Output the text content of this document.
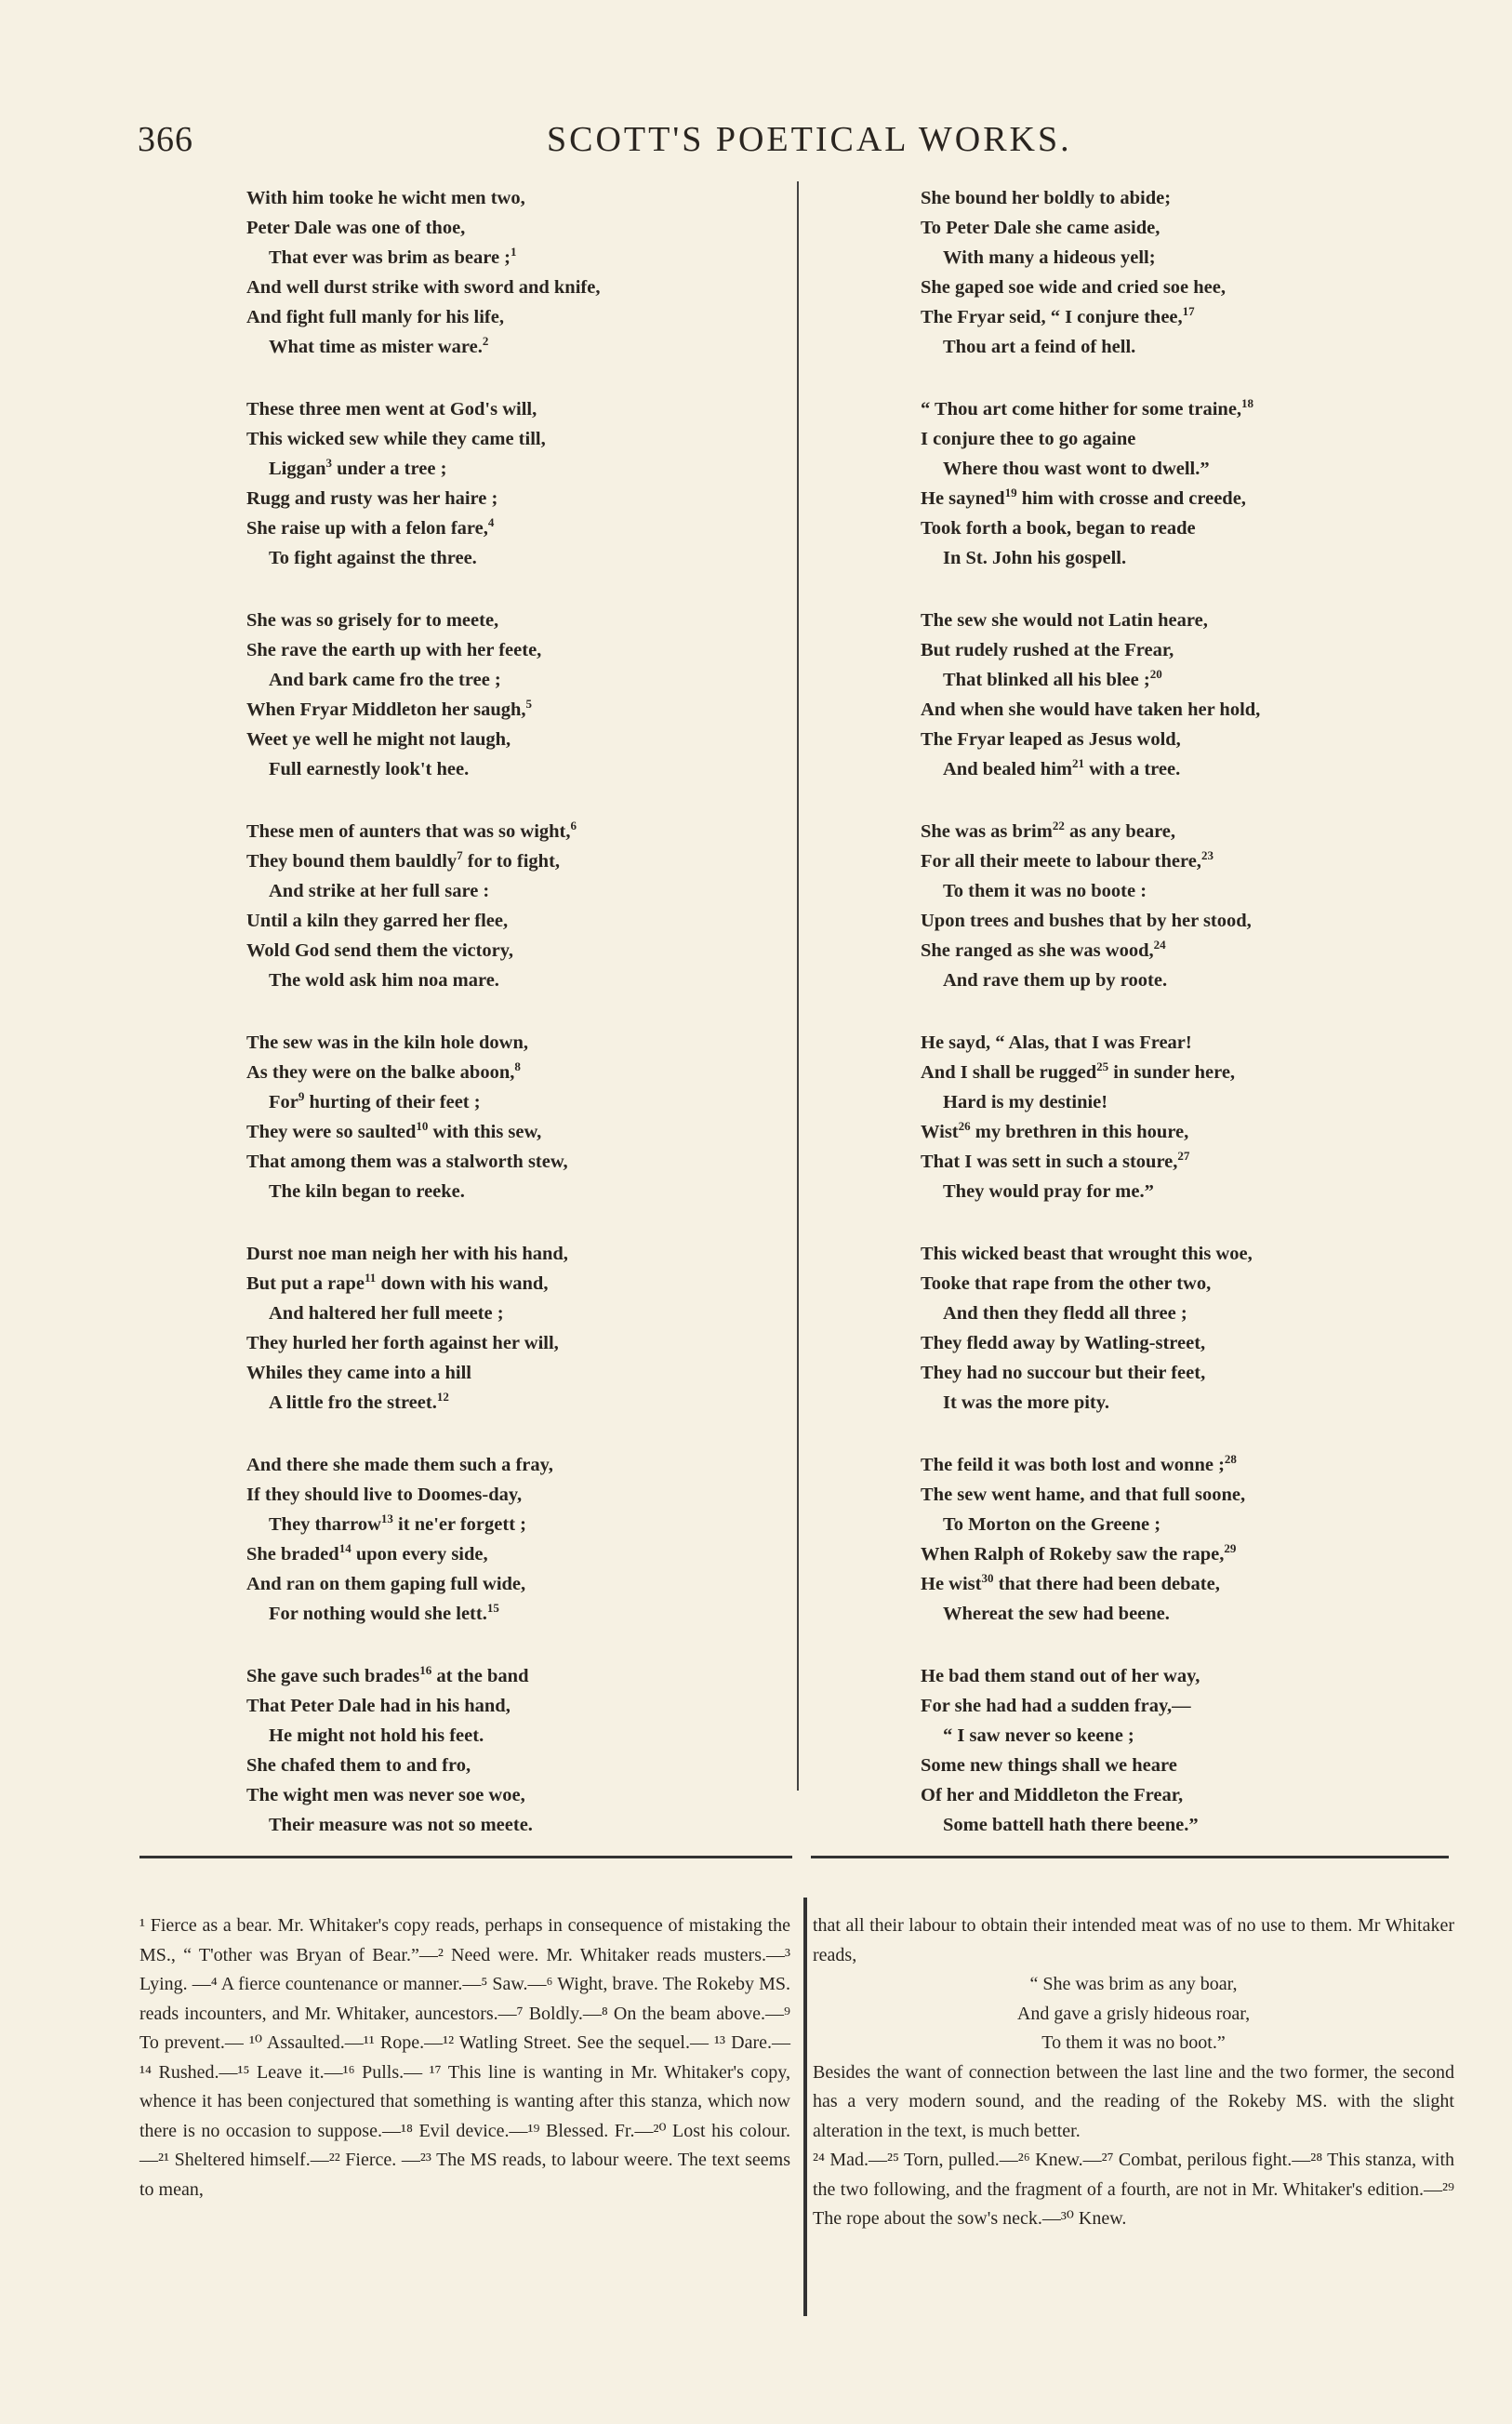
366	SCOTT'S POETICAL WORKS.
With him tooke he wicht men two,
Peter Dale was one of thoe,
That ever was brim as beare ;$^1$
And well durst strike with sword and knife,
And fight full manly for his life,
What time as mister ware.$^2$
These three men went at God's will,
This wicked sew while they came till,
Liggan$^3$ under a tree ;
Rugg and rusty was her haire ;
She raise up with a felon fare,$^4$
To fight against the three.
She was so grisely for to meete,
She rave the earth up with her feete,
And bark came fro the tree ;
When Fryar Middleton her saugh,$^5$
Weet ye well he might not laugh,
Full earnestly look't hee.
These men of aunters that was so wight,$^6$
They bound them bauldly$^7$ for to fight,
And strike at her full sare :
Until a kiln they garred her flee,
Wold God send them the victory,
The wold ask him noa mare.
The sew was in the kiln hole down,
As they were on the balke aboon,$^8$
For$^9$ hurting of their feet ;
They were so saulted$^{10}$ with this sew,
That among them was a stalworth stew,
The kiln began to reeke.
Durst noe man neigh her with his hand,
But put a rape$^{11}$ down with his wand,
And haltered her full meete ;
They hurled her forth against her will,
Whiles they came into a hill
A little fro the street.$^{12}$
And there she made them such a fray,
If they should live to Doomes-day,
They tharrow$^{13}$ it ne'er forgett ;
She braded$^{14}$ upon every side,
And ran on them gaping full wide,
For nothing would she lett.$^{15}$
She gave such brades$^{16}$ at the band
That Peter Dale had in his hand,
He might not hold his feet.
She chafed them to and fro,
The wight men was never soe woe,
Their measure was not so meete.
She bound her boldly to abide;
To Peter Dale she came aside,
With many a hideous yell;
She gaped soe wide and cried soe hee,
The Fryar seid, “ I conjure thee,$^{17}$
Thou art a feind of hell.
“ Thou art come hither for some traine,$^{18}$
I conjure thee to go againe
Where thou wast wont to dwell.”
He sayned$^{19}$ him with crosse and creede,
Took forth a book, began to reade
In St. John his gospell.
The sew she would not Latin heare,
But rudely rushed at the Frear,
That blinked all his blee ;$^{20}$
And when she would have taken her hold,
The Fryar leaped as Jesus wold,
And bealed him$^{21}$ with a tree.
She was as brim$^{22}$ as any beare,
For all their meete to labour there,$^{23}$
To them it was no boote :
Upon trees and bushes that by her stood,
She ranged as she was wood,$^{24}$
And rave them up by roote.
He sayd, “ Alas, that I was Frear!
And I shall be rugged$^{25}$ in sunder here,
Hard is my destinie!
Wist$^{26}$ my brethren in this houre,
That I was sett in such a stoure,$^{27}$
They would pray for me.”
This wicked beast that wrought this woe,
Tooke that rape from the other two,
And then they fledd all three ;
They fledd away by Watling-street,
They had no succour but their feet,
It was the more pity.
The feild it was both lost and wonne ;$^{28}$
The sew went hame, and that full soone,
To Morton on the Greene ;
When Ralph of Rokeby saw the rape,$^{29}$
He wist$^{30}$ that there had been debate,
Whereat the sew had beene.
He bad them stand out of her way,
For she had had a sudden fray,—
“ I saw never so keene ;
Some new things shall we heare
Of her and Middleton the Frear,
Some battell hath there beene.”

¹ Fierce as a bear. Mr. Whitaker's copy reads, perhaps in consequence of mistaking the MS., “ T'other was Bryan of Bear.”—² Need were. Mr. Whitaker reads musters.—³ Lying. —⁴ A fierce countenance or manner.—⁵ Saw.—⁶ Wight, brave. The Rokeby MS. reads incounters, and Mr. Whitaker, auncestors.—⁷ Boldly.—⁸ On the beam above.—⁹ To prevent.— ¹⁰ Assaulted.—¹¹ Rope.—¹² Watling Street. See the sequel.— ¹³ Dare.— ¹⁴ Rushed.—¹⁵ Leave it.—¹⁶ Pulls.— ¹⁷ This line is wanting in Mr. Whitaker's copy, whence it has been conjectured that something is wanting after this stanza, which now there is no occasion to suppose.—¹⁸ Evil device.—¹⁹ Blessed. Fr.—²⁰ Lost his colour.—²¹ Sheltered himself.—²² Fierce. —²³ The MS reads, to labour weere. The text seems to mean,

that all their labour to obtain their intended meat was of no use to them. Mr Whitaker reads,

“ She was brim as any boar,
And gave a grisly hideous roar,
To them it was no boot.”

Besides the want of connection between the last line and the two former, the second has a very modern sound, and the reading of the Rokeby MS. with the slight alteration in the text, is much better.

²⁴ Mad.—²⁵ Torn, pulled.—²⁶ Knew.—²⁷ Combat, perilous fight.—²⁸ This stanza, with the two following, and the fragment of a fourth, are not in Mr. Whitaker's edition.—²⁹ The rope about the sow's neck.—³⁰ Knew.
